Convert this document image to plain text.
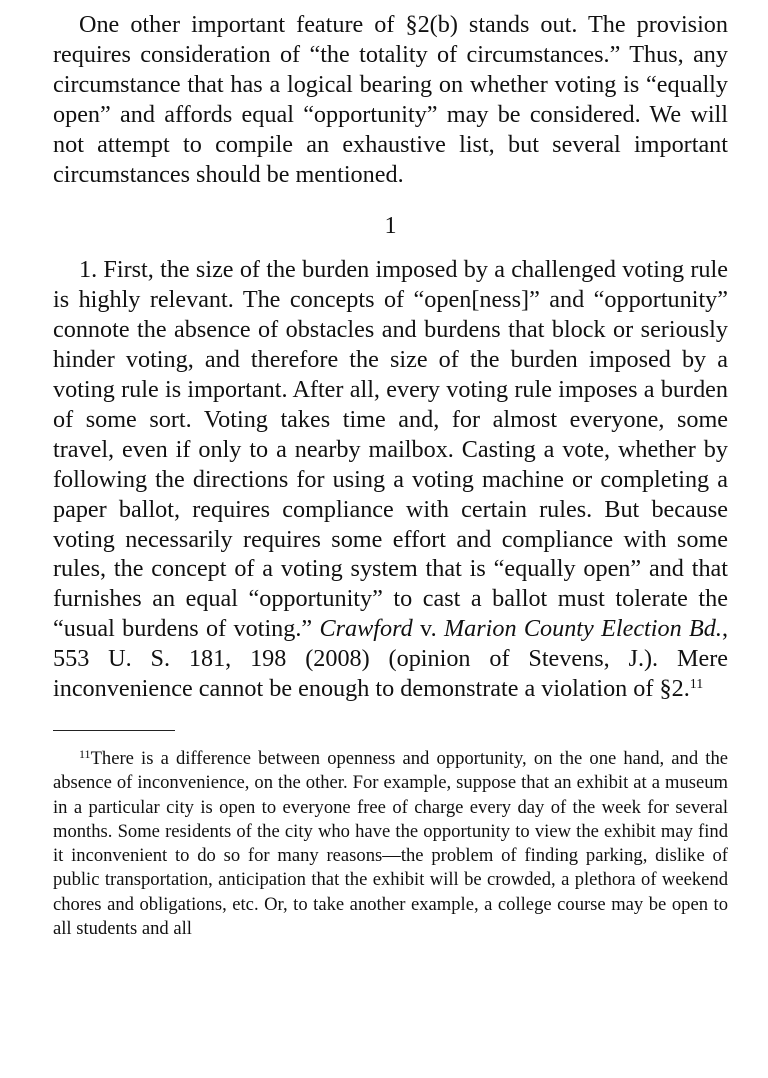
One other important feature of §2(b) stands out. The provision requires consideration of “the totality of circumstances.” Thus, any circumstance that has a logical bearing on whether voting is “equally open” and affords equal “opportunity” may be considered. We will not attempt to compile an exhaustive list, but several important circumstances should be mentioned.

1

1. First, the size of the burden imposed by a challenged voting rule is highly relevant. The concepts of “open[ness]” and “opportunity” connote the absence of obstacles and burdens that block or seriously hinder voting, and therefore the size of the burden imposed by a voting rule is important. After all, every voting rule imposes a burden of some sort. Voting takes time and, for almost everyone, some travel, even if only to a nearby mailbox. Casting a vote, whether by following the directions for using a voting machine or completing a paper ballot, requires compliance with certain rules. But because voting necessarily requires some effort and compliance with some rules, the concept of a voting system that is “equally open” and that furnishes an equal “opportunity” to cast a ballot must tolerate the “usual burdens of voting.” Crawford v. Marion County Election Bd., 553 U. S. 181, 198 (2008) (opinion of Stevens, J.). Mere inconvenience cannot be enough to demonstrate a violation of §2.11

$^{11}$There is a difference between openness and opportunity, on the one hand, and the absence of inconvenience, on the other. For example, suppose that an exhibit at a museum in a particular city is open to everyone free of charge every day of the week for several months. Some residents of the city who have the opportunity to view the exhibit may find it inconvenient to do so for many reasons—the problem of finding parking, dislike of public transportation, anticipation that the exhibit will be crowded, a plethora of weekend chores and obligations, etc. Or, to take another example, a college course may be open to all students and all
